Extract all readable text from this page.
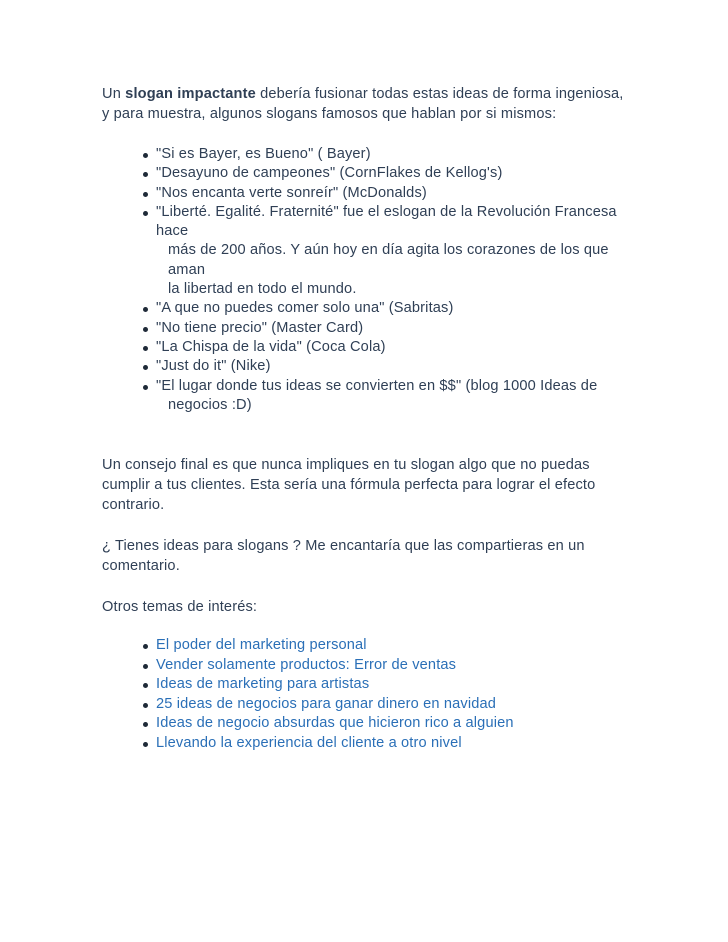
Un slogan impactante debería fusionar todas estas ideas de forma ingeniosa,
y para muestra, algunos slogans famosos que hablan por si mismos:

"Si es Bayer, es Bueno" ( Bayer)
"Desayuno de campeones" (CornFlakes de Kellog's)
"Nos encanta verte sonreír" (McDonalds)
"Liberté. Egalité. Fraternité" fue el eslogan de la Revolución Francesa hace
más de 200 años. Y aún hoy en día agita los corazones de los que aman
la libertad en todo el mundo.
"A que no puedes comer solo una" (Sabritas)
"No tiene precio" (Master Card)
"La Chispa de la vida" (Coca Cola)
"Just do it" (Nike)
"El lugar donde tus ideas se convierten en $$" (blog 1000 Ideas de
negocios :D)

Un consejo final es que nunca impliques en tu slogan algo que no puedas
cumplir a tus clientes. Esta sería una fórmula perfecta para lograr el efecto
contrario.

¿ Tienes ideas para slogans ? Me encantaría que las compartieras en un
comentario.

Otros temas de interés:

El poder del marketing personal
Vender solamente productos: Error de ventas
Ideas de marketing para artistas
25 ideas de negocios para ganar dinero en navidad
Ideas de negocio absurdas que hicieron rico a alguien
Llevando la experiencia del cliente a otro nivel
